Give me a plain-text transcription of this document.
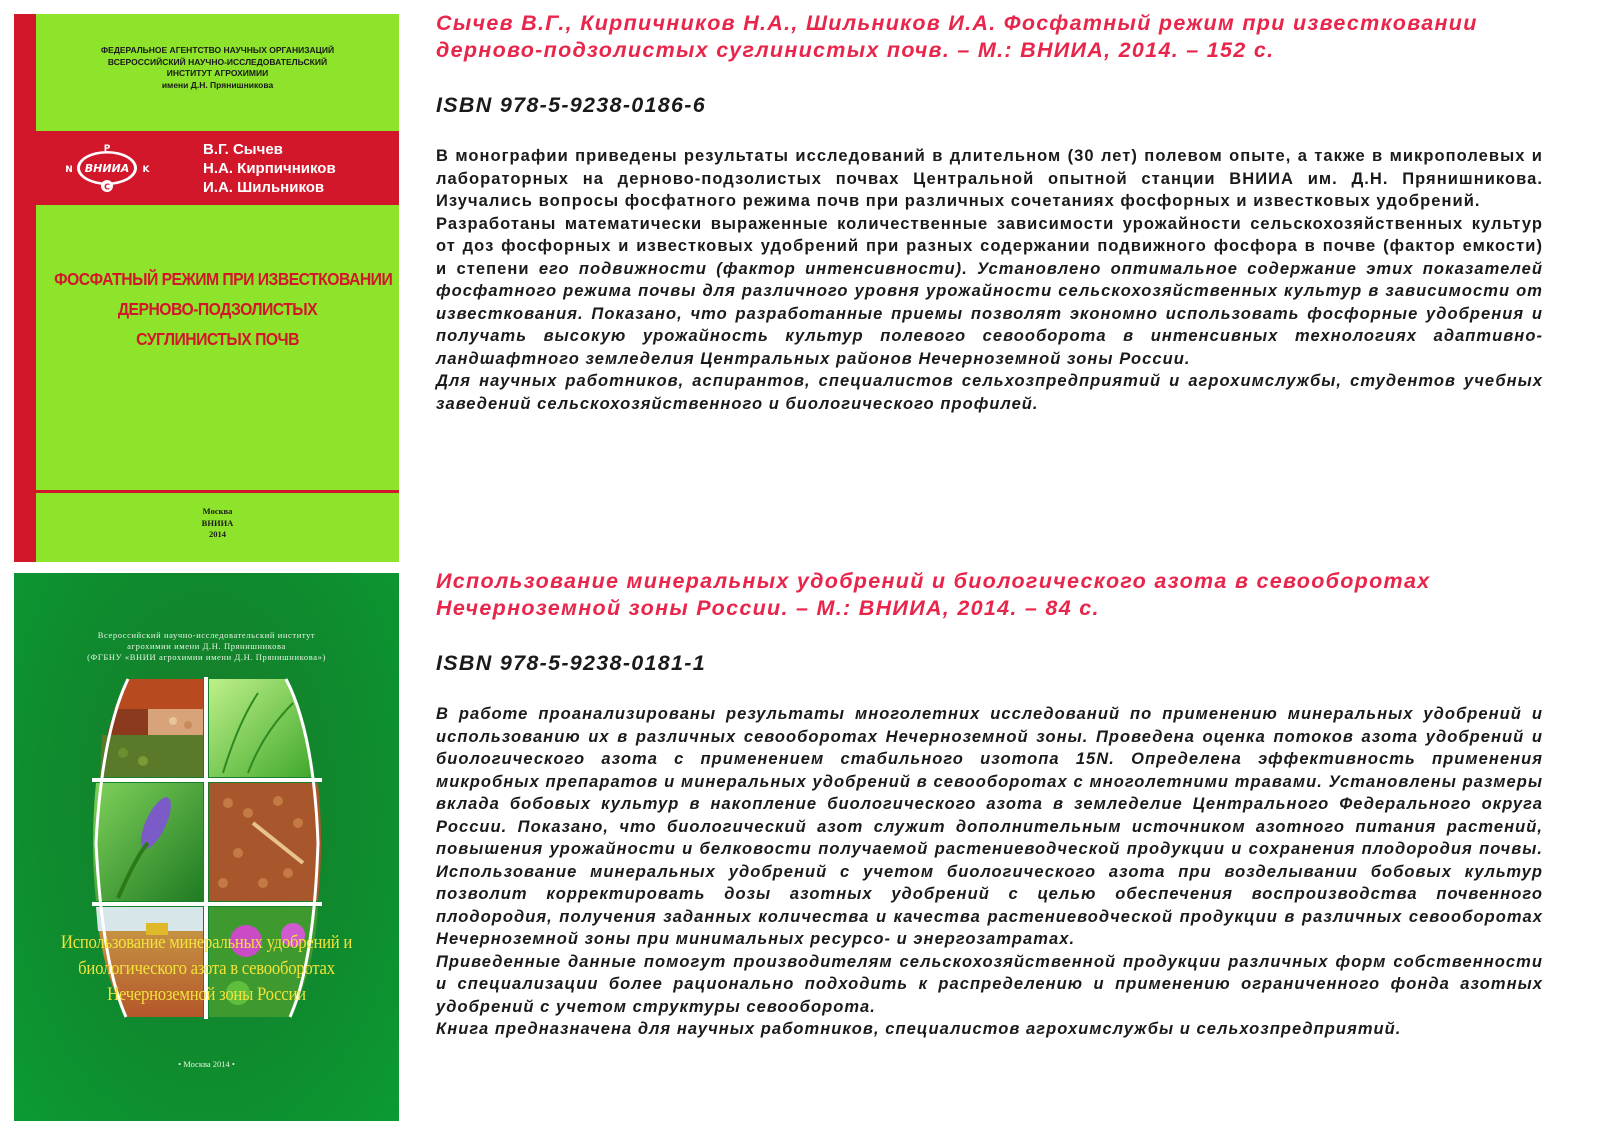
ФОСФАТНЫЙ РЕЖИМ ПРИ ИЗВЕСТКОВАНИИ ДЕРНОВО-ПОДЗОЛИСТЫХ СУГЛИНИСТЫХ ПОЧВ
ФЕДЕРАЛЬНОЕ АГЕНТСТВО НАУЧНЫХ ОРГАНИЗАЦИЙ
ВСЕРОССИЙСКИЙ НАУЧНО-ИССЛЕДОВАТЕЛЬСКИЙ
ИНСТИТУТ АГРОХИМИИ
имени Д.Н. Прянишникова
Р
N	K
ВНИИА
С
В.Г. Сычев
Н.А. Кирпичников
И.А. Шильников
ФОСФАТНЫЙ РЕЖИМ ПРИ ИЗВЕСТКОВАНИИ
ДЕРНОВО-ПОДЗОЛИСТЫХ
СУГЛИНИСТЫХ ПОЧВ
Москва
ВНИИА
2014
Всероссийский научно-исследовательский институт
агрохимии имени Д.Н. Прянишникова
(ФГБНУ «ВНИИ агрохимии имени Д.Н. Прянишникова»)
Использование минеральных удобрений и
биологического азота в севооборотах
Нечерноземной зоны России
• Москва 2014 •
Сычев В.Г., Кирпичников Н.А., Шильников И.А. Фосфатный режим при известковании дерново-подзолистых суглинистых почв. – М.: ВНИИА, 2014. – 152 с.
ISBN 978-5-9238-0186-6

В монографии приведены результаты исследований в длительном (30 лет) полевом опыте, а также в микрополевых и лабораторных на дерново-подзолистых почвах Центральной опытной станции ВНИИА им. Д.Н. Прянишникова. Изучались вопросы фосфатного режима почв при различных сочетаниях фосфорных и известковых удобрений.

Разработаны математически выраженные количественные зависимости урожайности сельскохозяйственных культур от доз фосфорных и известковых удобрений при разных содержании подвижного фосфора в почве (фактор емкости) и степени его подвижности (фактор интенсивности). Установлено оптимальное содержание этих показателей фосфатного режима почвы для различного уровня урожайности сельскохозяйственных культур в зависимости от известкования. Показано, что разработанные приемы позволят экономно использовать фосфорные удобрения и получать высокую урожайность культур полевого севооборота в интенсивных технологиях адаптивно-ландшафтного земледелия Центральных районов Нечерноземной зоны России.

Для научных работников, аспирантов, специалистов сельхозпредприятий и агрохимслужбы, студентов учебных заведений сельскохозяйственного и биологического профилей.

Использование минеральных удобрений и биологического азота в севооборотах Нечерноземной зоны России. – М.: ВНИИА, 2014. – 84 с.
ISBN 978-5-9238-0181-1

В работе проанализированы результаты многолетних исследований по применению минеральных удобрений и использованию их в различных севооборотах Нечерноземной зоны. Проведена оценка потоков азота удобрений и биологического азота с применением стабильного изотопа 15N. Определена эффективность применения микробных препаратов и минеральных удобрений в севооборотах с многолетними травами. Установлены размеры вклада бобовых культур в накопление биологического азота в земледелие Центрального Федерального округа России. Показано, что биологический азот служит дополнительным источником азотного питания растений, повышения урожайности и белковости получаемой растениеводческой продукции и сохранения плодородия почвы. Использование минеральных удобрений с учетом биологического азота при возделывании бобовых культур позволит корректировать дозы азотных удобрений с целью обеспечения воспроизводства почвенного плодородия, получения заданных количества и качества растениеводческой продукции в различных севооборотах Нечерноземной зоны при минимальных ресурсо- и энергозатратах.

Приведенные данные помогут производителям сельскохозяйственной продукции различных форм собственности и специализации более рационально подходить к распределению и применению ограниченного фонда азотных удобрений с учетом структуры севооборота.

Книга предназначена для научных работников, специалистов агрохимслужбы и сельхозпредприятий.
